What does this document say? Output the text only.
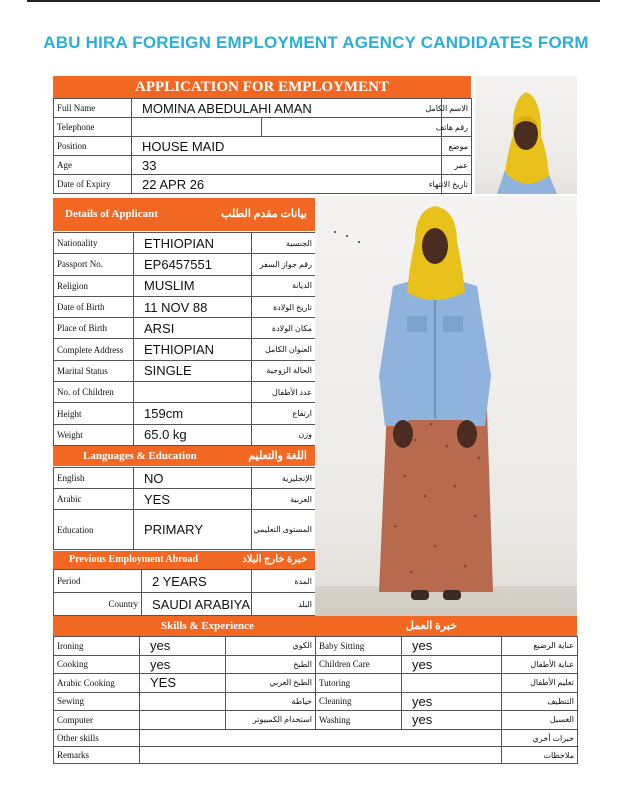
ABU HIRA FOREIGN EMPLOYMENT AGENCY CANDIDATES FORM
APPLICATION FOR EMPLOYMENT
Full Name	MOMINA ABEDULAHI AMAN		الاسم الكامل
Telephone			رقم هاتف
Position	HOUSE MAID		موضع
Age	33		عمر
Date of Expiry	22 APR 26		تاريخ الانتهاء
Details of Applicant	بيانات مقدم الطلب
Nationality	ETHIOPIAN	الجنسية
Passport No.	EP6457551	رقم جواز السفر
Religion	MUSLIM	الديانة
Date of Birth	11 NOV 88	تاريخ الولادة
Place of Birth	ARSI	مكان الولادة
Complete Address	ETHIOPIAN	العنوان الكامل
Marital Status	SINGLE	الحالة الزوجية
No. of Children		عدد الأطفال
Height	159cm	ارتفاع
Weight	65.0 kg	وزن
Languages & Education	اللغة والتعليم
English	NO	الإنجليزية
Arabic	YES	العربية
Education	PRIMARY	المستوى التعليمي
Previous Employment Abroad	خبرة خارج البلاد
Period	2 YEARS	المدة
Country	SAUDI ARABIYA	البلد
Skills & Experience	خبرة العمل
Ironing	yes	الكوي	Baby Sitting	yes	عناية الرضيع
Cooking	yes	الطبخ	Children Care	yes	عناية الأطفال
Arabic Cooking	YES	الطبخ العربي	Tutoring		تعليم الأطفال
Sewing		خياطة	Cleaning	yes	التنظيف
Computer		استخدام الكمبيوتر	Washing	yes	الغسيل
Other skills		خبرات أخري
Remarks		ملاحظات
